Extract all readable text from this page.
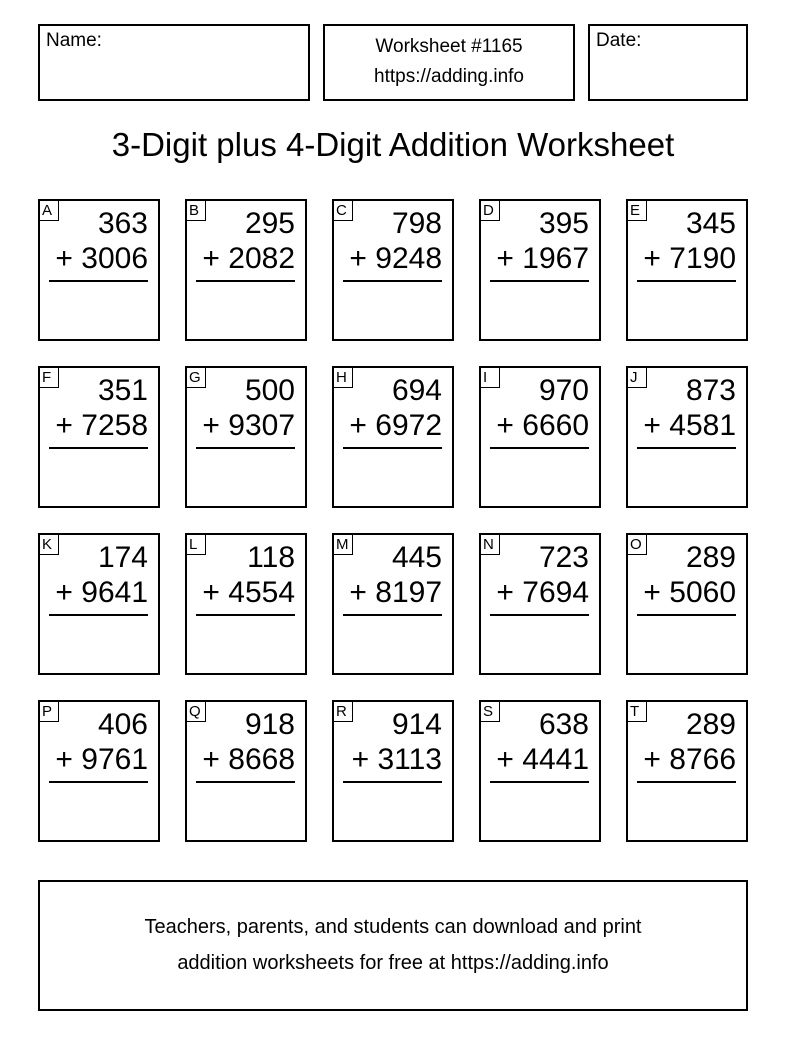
Name:	Worksheet #1165
https://adding.info
Date:
3-Digit plus 4-Digit Addition Worksheet
A 363
+ 3006
B 295
+ 2082
C 798
+ 9248
D 395
+ 1967
E 345
+ 7190
F 351
+ 7258
G 500
+ 9307
H 694
+ 6972
I	970
+ 6660
J	873
+ 4581
K 174
+ 9641
L 118
+ 4554
M 445
+ 8197
N 723
+ 7694
O 289
+ 5060
P 406
+ 9761
Q 918
+ 8668
R 914
+ 3113
S 638
+ 4441
T 289
+ 8766
Teachers, parents, and students can download and print
addition worksheets for free at https://adding.info
